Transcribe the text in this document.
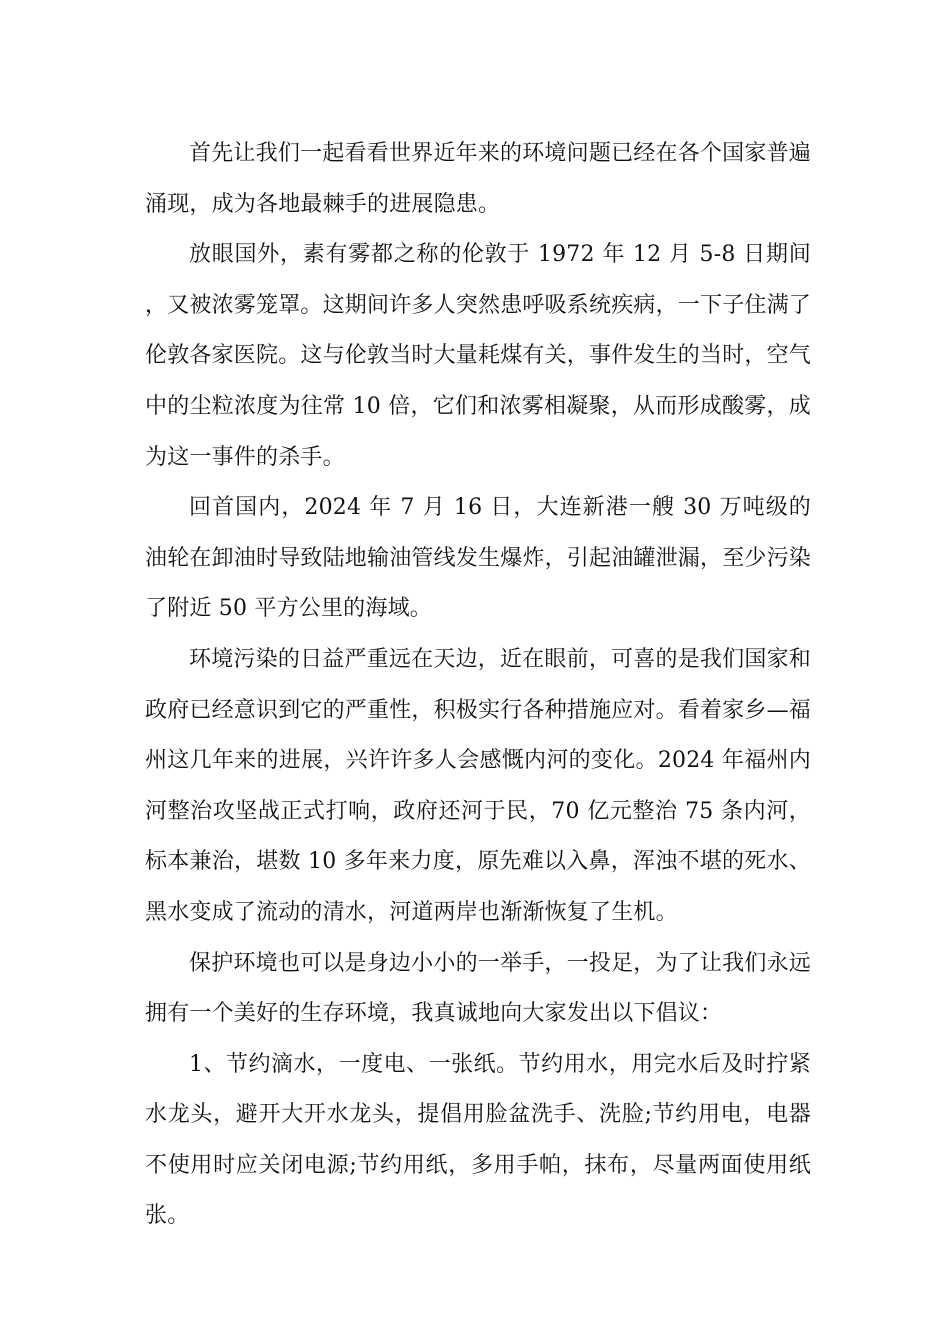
首先让我们一起看看世界近年来的环境问题已经在各个国家普遍涌现，成为各地最棘手的进展隐患。

放眼国外，素有雾都之称的伦敦于 1972 年 12 月 5-8 日期间，又被浓雾笼罩。这期间许多人突然患呼吸系统疾病，一下子住满了伦敦各家医院。这与伦敦当时大量耗煤有关，事件发生的当时，空气中的尘粒浓度为往常 10 倍，它们和浓雾相凝聚，从而形成酸雾，成为这一事件的杀手。

回首国内，2024 年 7 月 16 日，大连新港一艘 30 万吨级的油轮在卸油时导致陆地输油管线发生爆炸，引起油罐泄漏，至少污染了附近 50 平方公里的海域。

环境污染的日益严重远在天边，近在眼前，可喜的是我们国家和政府已经意识到它的严重性，积极实行各种措施应对。看着家乡—福州这几年来的进展，兴许许多人会感慨内河的变化。2024 年福州内河整治攻坚战正式打响，政府还河于民，70 亿元整治 75 条内河，标本兼治，堪数 10 多年来力度，原先难以入鼻，浑浊不堪的死水、黑水变成了流动的清水，河道两岸也渐渐恢复了生机。

保护环境也可以是身边小小的一举手，一投足，为了让我们永远拥有一个美好的生存环境，我真诚地向大家发出以下倡议：

1、节约滴水，一度电、一张纸。节约用水，用完水后及时拧紧水龙头，避开大开水龙头，提倡用脸盆洗手、洗脸;节约用电，电器不使用时应关闭电源;节约用纸，多用手帕，抹布，尽量两面使用纸张。
